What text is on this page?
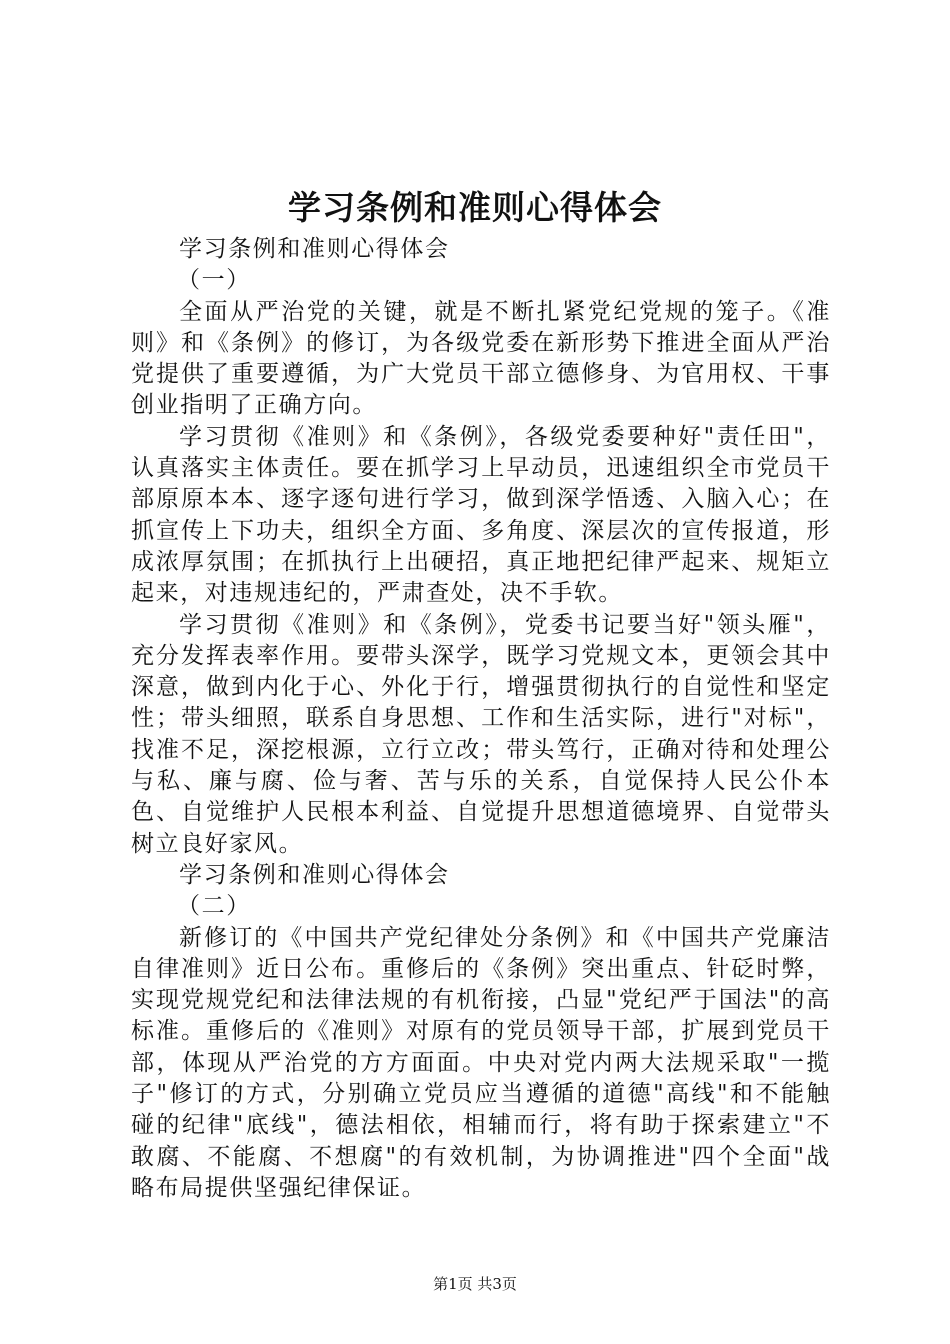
学习条例和准则心得体会

学习条例和准则心得体会

（一）

全面从严治党的关键，就是不断扎紧党纪党规的笼子。《准则》和《条例》的修订，为各级党委在新形势下推进全面从严治党提供了重要遵循，为广大党员干部立德修身、为官用权、干事创业指明了正确方向。

学习贯彻《准则》和《条例》，各级党委要种好"责任田"，认真落实主体责任。要在抓学习上早动员，迅速组织全市党员干部原原本本、逐字逐句进行学习，做到深学悟透、入脑入心；在抓宣传上下功夫，组织全方面、多角度、深层次的宣传报道，形成浓厚氛围；在抓执行上出硬招，真正地把纪律严起来、规矩立起来，对违规违纪的，严肃查处，决不手软。

学习贯彻《准则》和《条例》，党委书记要当好"领头雁"，充分发挥表率作用。要带头深学，既学习党规文本，更领会其中深意，做到内化于心、外化于行，增强贯彻执行的自觉性和坚定性；带头细照，联系自身思想、工作和生活实际，进行"对标"，找准不足，深挖根源，立行立改；带头笃行，正确对待和处理公与私、廉与腐、俭与奢、苦与乐的关系，自觉保持人民公仆本色、自觉维护人民根本利益、自觉提升思想道德境界、自觉带头树立良好家风。

学习条例和准则心得体会

（二）

新修订的《中国共产党纪律处分条例》和《中国共产党廉洁自律准则》近日公布。重修后的《条例》突出重点、针砭时弊，实现党规党纪和法律法规的有机衔接，凸显"党纪严于国法"的高标准。重修后的《准则》对原有的党员领导干部，扩展到党员干部，体现从严治党的方方面面。中央对党内两大法规采取"一揽子"修订的方式，分别确立党员应当遵循的道德"高线"和不能触碰的纪律"底线"，德法相依，相辅而行，将有助于探索建立"不敢腐、不能腐、不想腐"的有效机制，为协调推进"四个全面"战略布局提供坚强纪律保证。

第1页 共3页
